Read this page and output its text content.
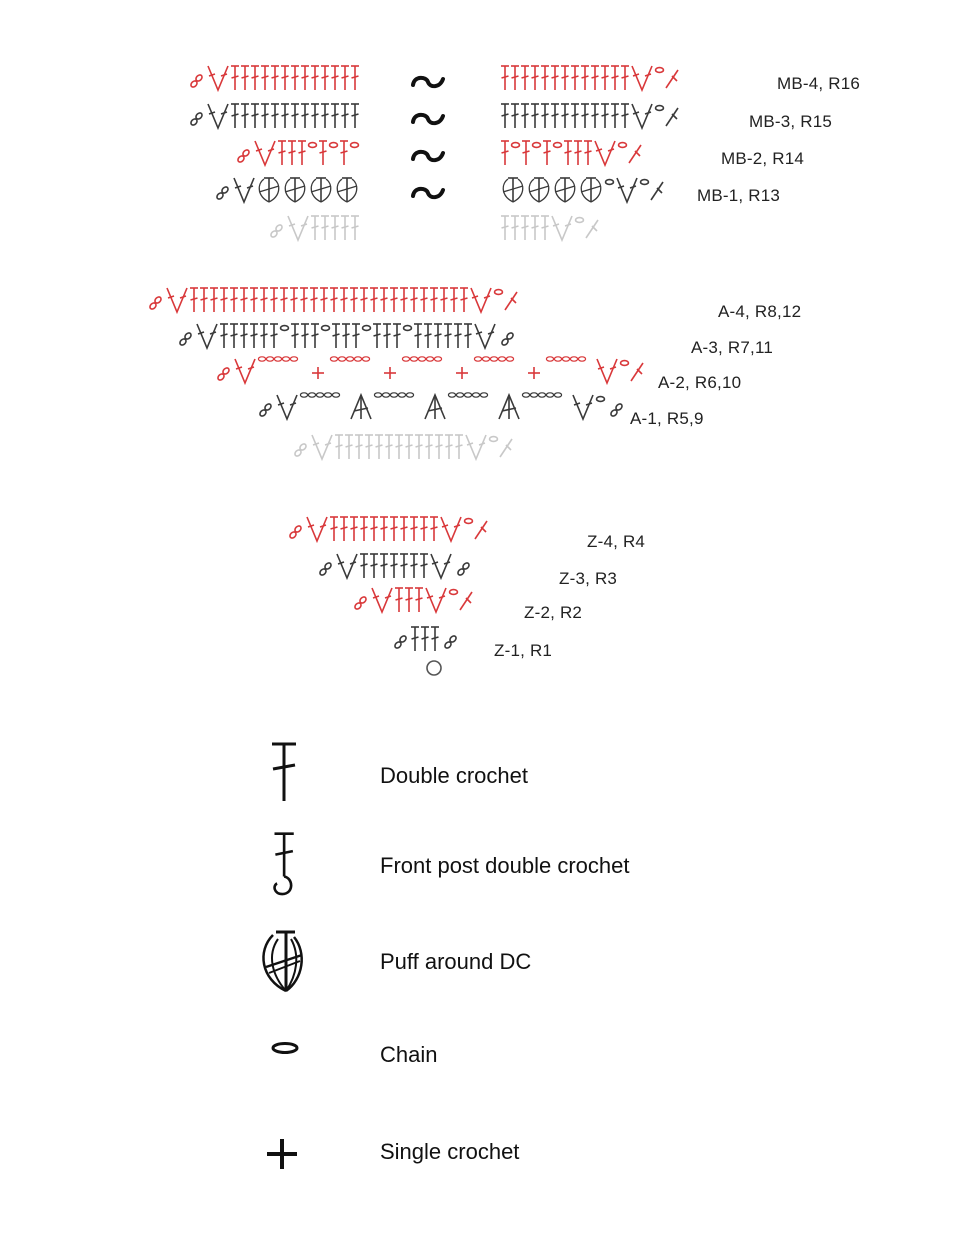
MB-4, R16
MB-3, R15
MB-2, R14
MB-1, R13
A-4, R8,12
A-3, R7,11
A-2, R6,10
A-1, R5,9
Z-4, R4
Z-3, R3
Z-2, R2
Z-1, R1
Double crochet
Front post double crochet
Puff around DC
Chain
Single crochet
